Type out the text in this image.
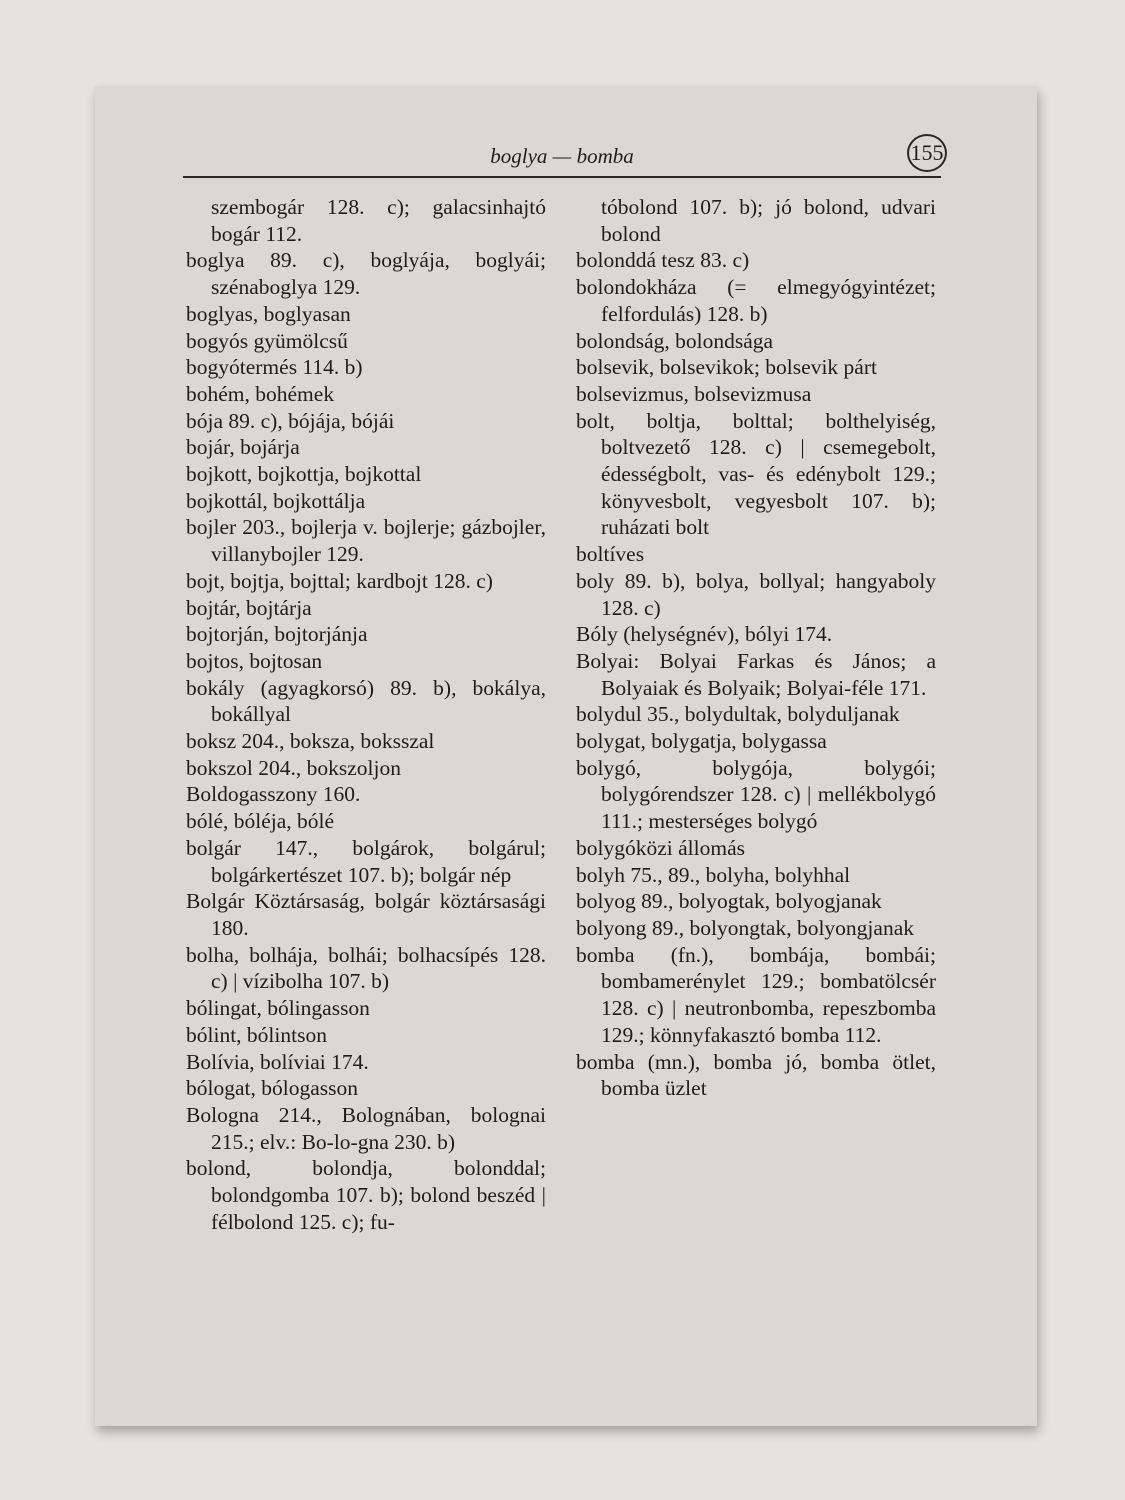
boglya — bomba	155
szembogár 128. c); galacsinhajtó bogár 112.
boglya 89. c), boglyája, boglyái; szénaboglya 129.
boglyas, boglyasan
bogyós gyümölcsű
bogyótermés 114. b)
bohém, bohémek
bója 89. c), bójája, bójái
bojár, bojárja
bojkott, bojkottja, bojkottal
bojkottál, bojkottálja
bojler 203., bojlerja v. bojlerje; gázbojler, villanybojler 129.
bojt, bojtja, bojttal; kardbojt 128. c)
bojtár, bojtárja
bojtorján, bojtorjánja
bojtos, bojtosan
bokály (agyagkorsó) 89. b), bokálya, bokállyal
boksz 204., boksza, boksszal
bokszol 204., bokszoljon
Boldogasszony 160.
bólé, bóléja, bólé
bolgár 147., bolgárok, bolgárul; bolgárkertészet 107. b); bolgár nép
Bolgár Köztársaság, bolgár köztársasági 180.
bolha, bolhája, bolhái; bolhacsípés 128. c) | vízibolha 107. b)
bólingat, bólingasson
bólint, bólintson
Bolívia, bolíviai 174.
bólogat, bólogasson
Bologna 214., Bolognában, bolognai 215.; elv.: Bo-lo-gna 230. b)
bolond, bolondja, bolonddal; bolondgomba 107. b); bolond beszéd | félbolond 125. c); fu-
tóbolond 107. b); jó bolond, udvari bolond
bolonddá tesz 83. c)
bolondokháza (= elmegyógyintézet; felfordulás) 128. b)
bolondság, bolondsága
bolsevik, bolsevikok; bolsevik párt
bolsevizmus, bolsevizmusa
bolt, boltja, bolttal; bolthelyiség, boltvezető 128. c) | csemegebolt, édességbolt, vas- és edénybolt 129.; könyvesbolt, vegyesbolt 107. b); ruházati bolt
boltíves
boly 89. b), bolya, bollyal; hangyaboly 128. c)
Bóly (helységnév), bólyi 174.
Bolyai: Bolyai Farkas és János; a Bolyaiak és Bolyaik; Bolyai-féle 171.
bolydul 35., bolydultak, bolyduljanak
bolygat, bolygatja, bolygassa
bolygó, bolygója, bolygói; bolygórendszer 128. c) | mellékbolygó 111.; mesterséges bolygó
bolygóközi állomás
bolyh 75., 89., bolyha, bolyhhal
bolyog 89., bolyogtak, bolyogjanak
bolyong 89., bolyongtak, bolyongjanak
bomba (fn.), bombája, bombái; bombamerénylet 129.; bombatölcsér 128. c) | neutronbomba, repeszbomba 129.; könnyfakasztó bomba 112.
bomba (mn.), bomba jó, bomba ötlet, bomba üzlet
